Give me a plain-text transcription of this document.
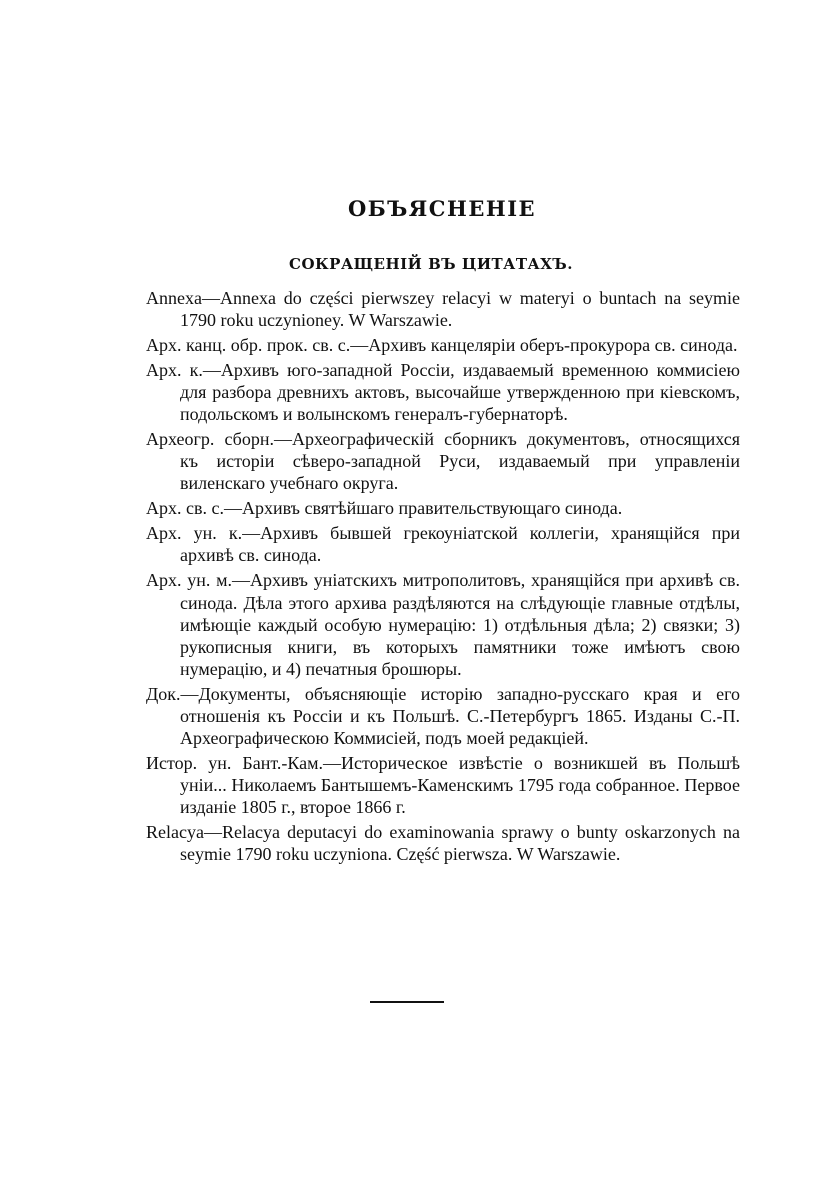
ОБЪЯСНЕНІЕ
СОКРАЩЕНІЙ ВЪ ЦИТАТАХЪ.
Annexa—Annexa do części pierwszey relacyi w materyi o buntach na seymie 1790 roku uczynioney. W Warszawie.
Арх. канц. обр. прок. св. с.—Архивъ канцеляріи оберъ-прокурора св. синода.
Арх. к.—Архивъ юго-западной Россіи, издаваемый временною коммисіею для разбора древнихъ актовъ, высочайше утвержденною при кіевскомъ, подольскомъ и волынскомъ генералъ-губернаторѣ.
Археогр. сборн.—Археографическій сборникъ документовъ, относящихся къ исторіи сѣверо-западной Руси, издаваемый при управленіи виленскаго учебнаго округа.
Арх. св. с.—Архивъ святѣйшаго правительствующаго синода.
Арх. ун. к.—Архивъ бывшей грекоуніатской коллегіи, хранящійся при архивѣ св. синода.
Арх. ун. м.—Архивъ уніатскихъ митрополитовъ, хранящійся при архивѣ св. синода. Дѣла этого архива раздѣляются на слѣдующіе главные отдѣлы, имѣющіе каждый особую нумерацію: 1) отдѣльныя дѣла; 2) связки; 3) рукописныя книги, въ которыхъ памятники тоже имѣютъ свою нумерацію, и 4) печатныя брошюры.
Док.—Документы, объясняющіе исторію западно-русскаго края и его отношенія къ Россіи и къ Польшѣ. С.-Петербургъ 1865. Изданы С.-П. Археографическою Коммисіей, подъ моей редакціей.
Истор. ун. Бант.-Кам.—Историческое извѣстіе о возникшей въ Польшѣ уніи... Николаемъ Бантышемъ-Каменскимъ 1795 года собранное. Первое изданіе 1805 г., второе 1866 г.
Relacya—Relacya deputacyi do examinowania sprawy o bunty oskarzonych na seymie 1790 roku uczyniona. Część pierwsza. W Warszawie.
